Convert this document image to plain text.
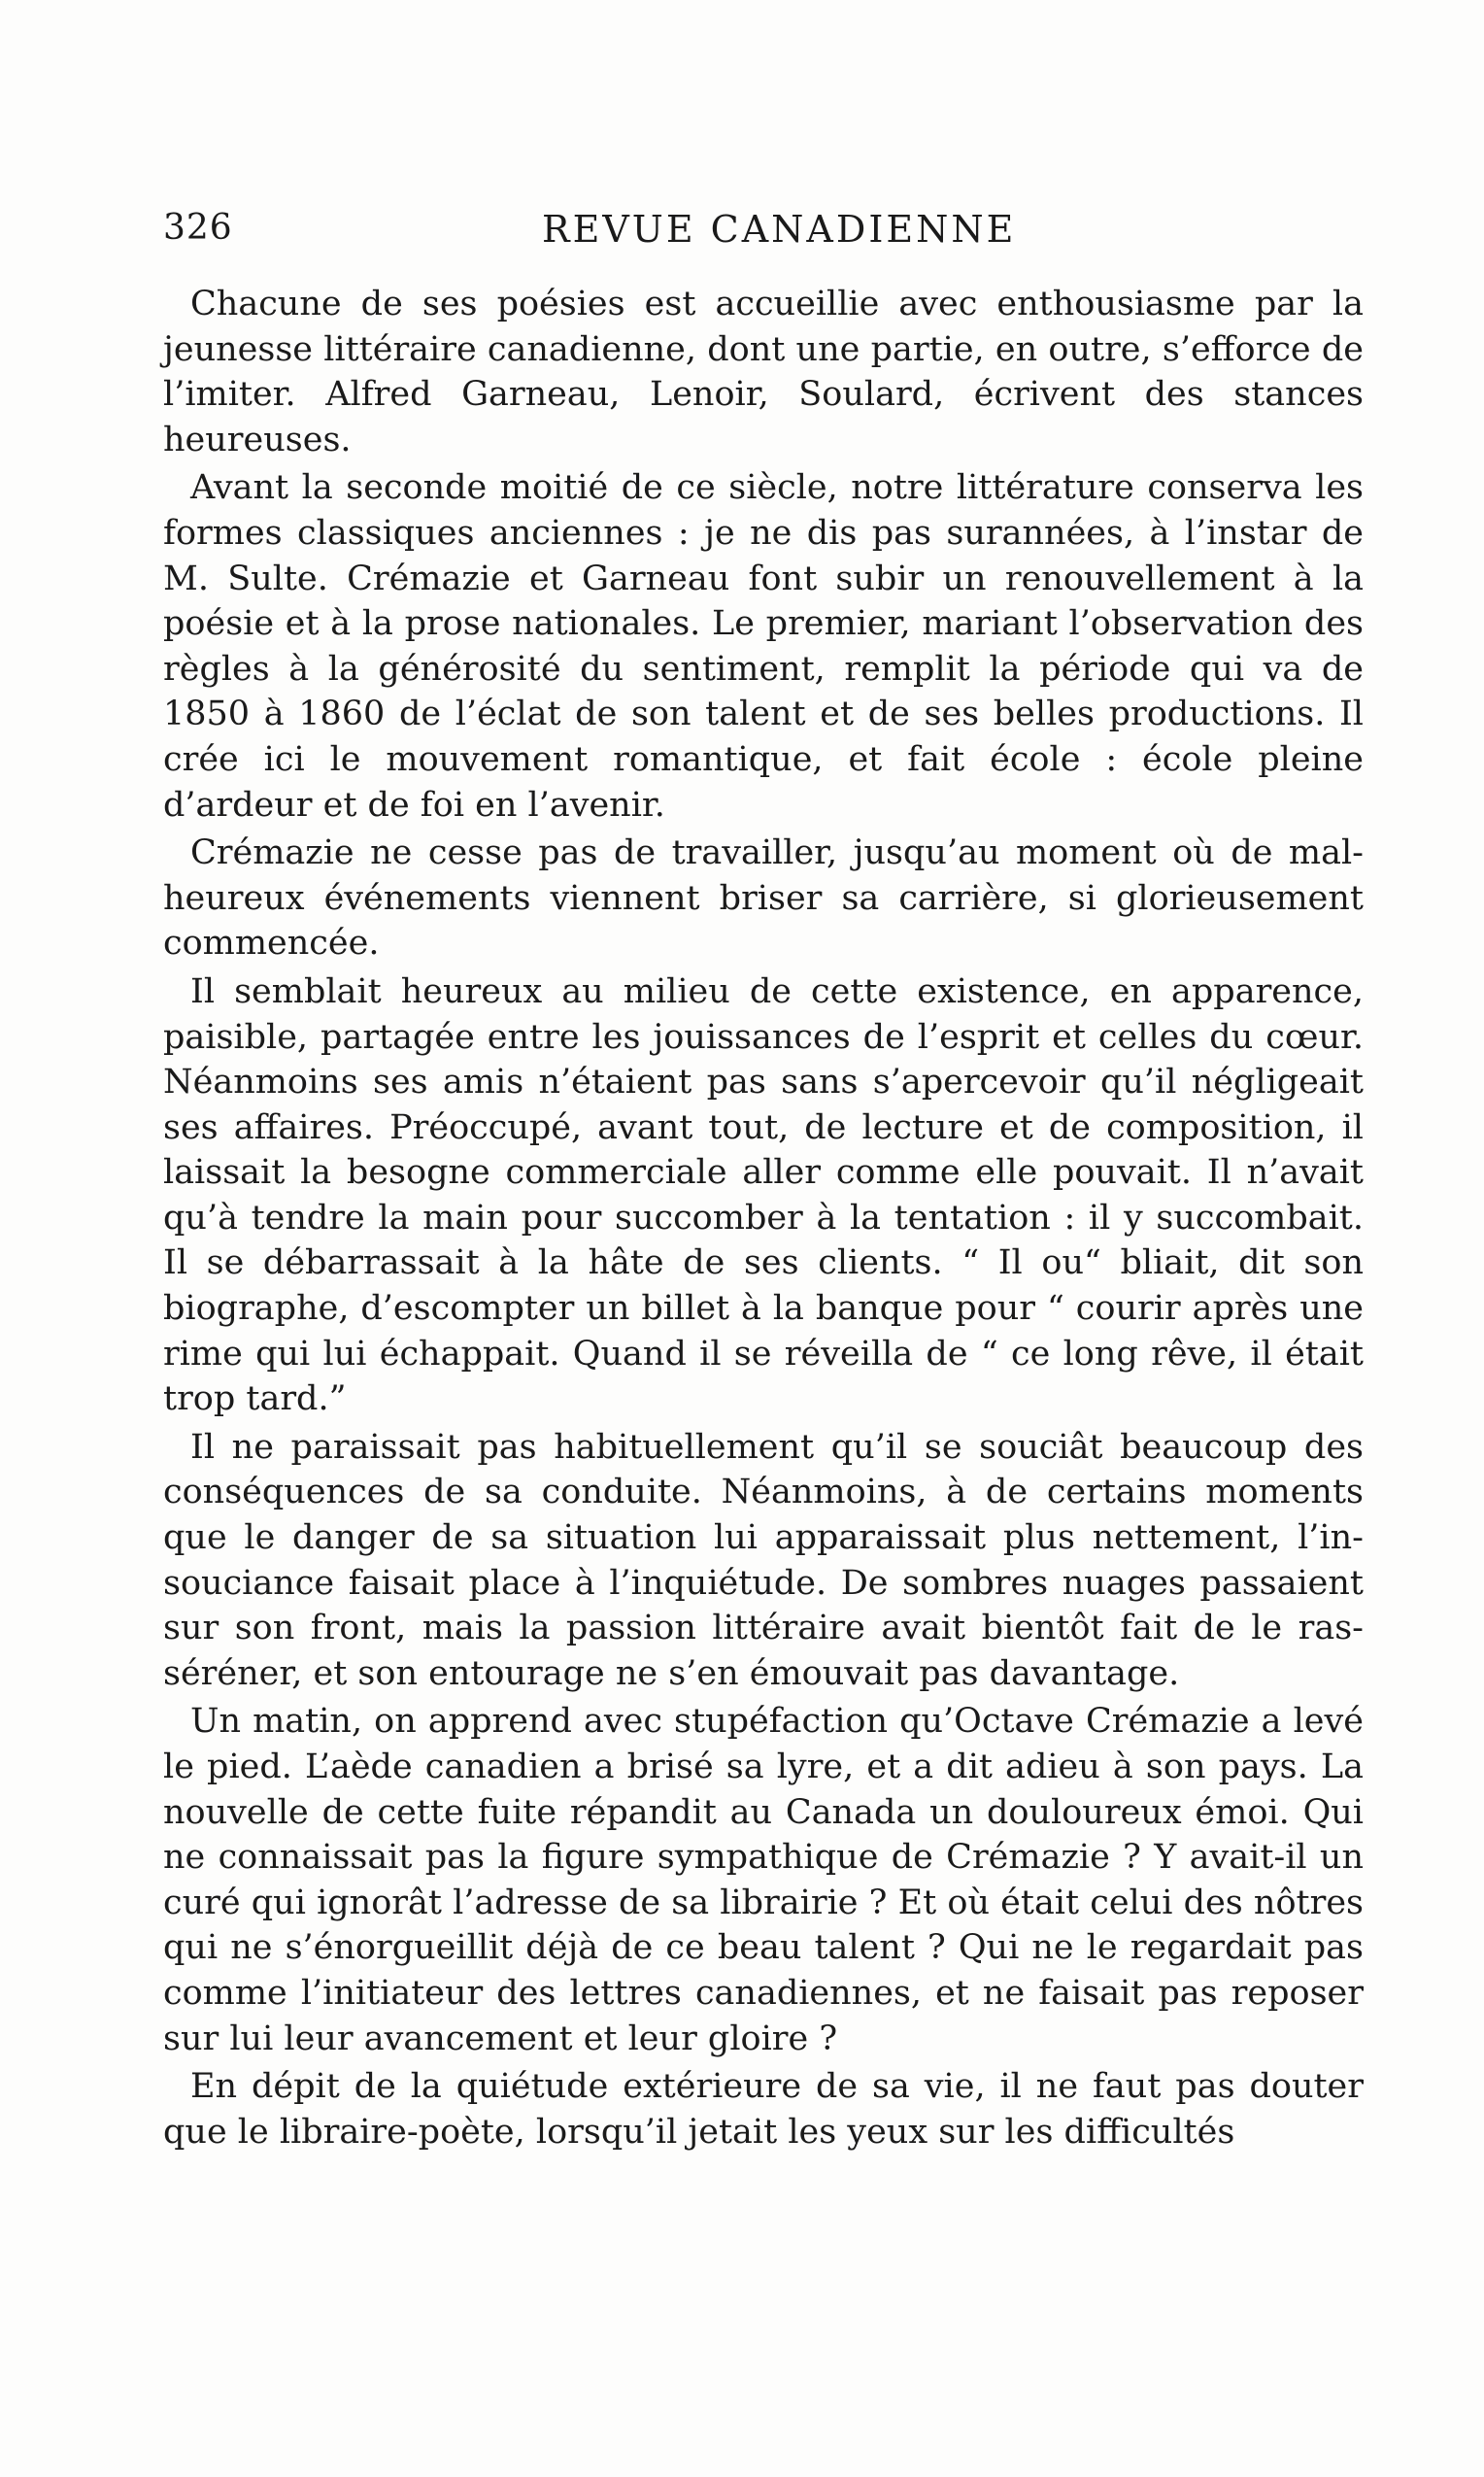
326	REVUE CANADIENNE

Chacune de ses poésies est accueillie avec enthousiasme par la jeunesse littéraire canadienne, dont une partie, en outre, s’efforce de l’imiter. Alfred Garneau, Lenoir, Soulard, écrivent des stances heureuses.

Avant la seconde moitié de ce siècle, notre littérature conserva les formes classiques anciennes : je ne dis pas surannées, à l’instar de M. Sulte. Crémazie et Garneau font subir un renouvellement à la poésie et à la prose nationales. Le premier, mariant l’observation des règles à la générosité du sentiment, remplit la période qui va de 1850 à 1860 de l’éclat de son talent et de ses belles productions. Il crée ici le mouvement romantique, et fait école : école pleine d’ardeur et de foi en l’avenir.

Crémazie ne cesse pas de travailler, jusqu’au moment où de malheureux événements viennent briser sa carrière, si glorieusement commencée.

Il semblait heureux au milieu de cette existence, en apparence, paisible, partagée entre les jouissances de l’esprit et celles du cœur. Néanmoins ses amis n’étaient pas sans s’apercevoir qu’il négligeait ses affaires. Préoccupé, avant tout, de lecture et de composition, il laissait la besogne commerciale aller comme elle pouvait. Il n’avait qu’à tendre la main pour succomber à la tentation : il y succombait. Il se débarrassait à la hâte de ses clients. “ Il ou“ bliait, dit son biographe, d’escompter un billet à la banque pour “ courir après une rime qui lui échappait. Quand il se réveilla de “ ce long rêve, il était trop tard.”

Il ne paraissait pas habituellement qu’il se souciât beaucoup des conséquences de sa conduite. Néanmoins, à de certains moments que le danger de sa situation lui apparaissait plus nettement, l’insouciance faisait place à l’inquiétude. De sombres nuages passaient sur son front, mais la passion littéraire avait bientôt fait de le rasséréner, et son entourage ne s’en émouvait pas davantage.

Un matin, on apprend avec stupéfaction qu’Octave Crémazie a levé le pied. L’aède canadien a brisé sa lyre, et a dit adieu à son pays. La nouvelle de cette fuite répandit au Canada un douloureux émoi. Qui ne connaissait pas la figure sympathique de Crémazie ? Y avait-il un curé qui ignorât l’adresse de sa librairie ? Et où était celui des nôtres qui ne s’énorgueillit déjà de ce beau talent ? Qui ne le regardait pas comme l’initiateur des lettres canadiennes, et ne faisait pas reposer sur lui leur avancement et leur gloire ?

En dépit de la quiétude extérieure de sa vie, il ne faut pas douter que le libraire-poète, lorsqu’il jetait les yeux sur les difficultés
